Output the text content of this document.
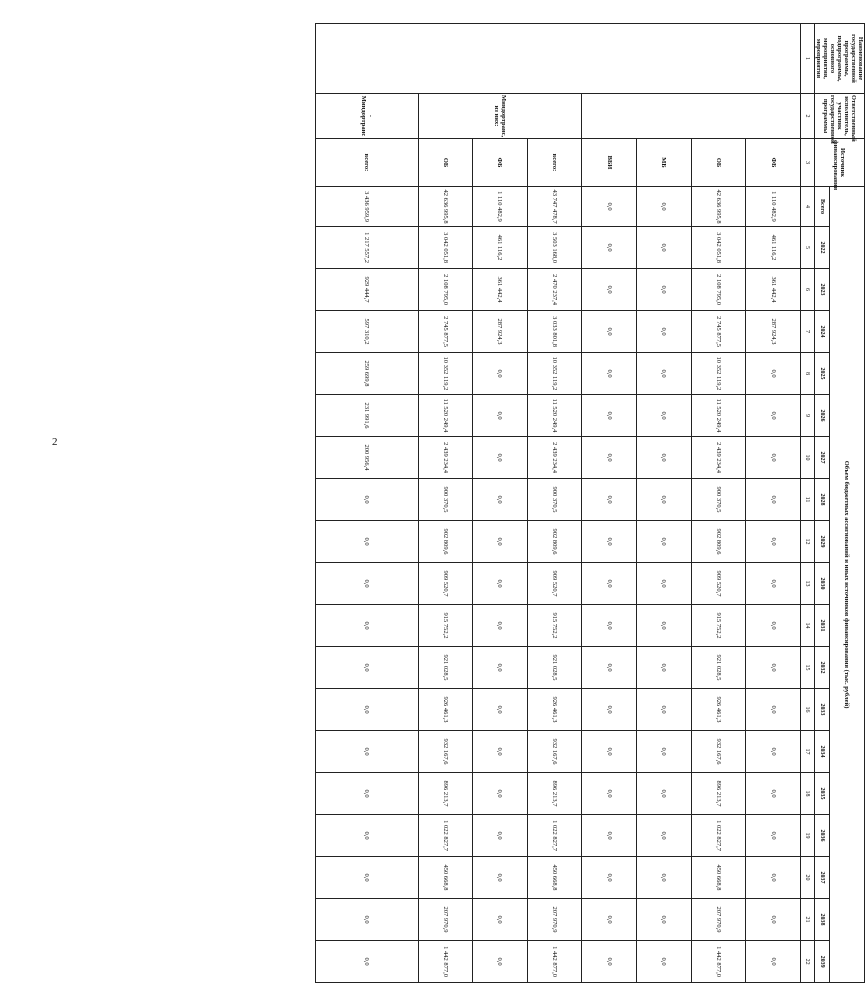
2
Наименование государственной программы, подпрограммы, основного мероприятия, мероприятия	Ответственный исполнитель, участник государственной программы	Источник финансирования	Объем бюджетных ассигнований и иных источников финансирования (тыс. рублей)																		
			Всего	2022	2023	2024	2025	2026	2027	2028	2029	2030	2031	2032	2033	2034	2035	2036	2037	2038	2039
1	2	3	4	5	6	7	8	9	10	11	12	13	14	15	16	17	18	19	20	21	22
		ФБ	1 110 482,9	461 116,2	361 442,4	287 924,3	0,0	0,0	0,0	0,0	0,0	0,0	0,0	0,0	0,0	0,0	0,0	0,0	0,0	0,0	0,0
		ОБ	42 636 995,8	3 042 051,8	2 108 795,0	2 745 877,5	10 352 119,2	11 520 249,4	2 439 234,4	900 370,5	902 809,6	909 520,7	915 752,2	921 028,5	926 461,3	932 167,6	896 213,7	1 022 827,7	450 668,8	207 970,9	1 442 877,0
		МБ	0,0	0,0	0,0	0,0	0,0	0,0	0,0	0,0	0,0	0,0	0,0	0,0	0,0	0,0	0,0	0,0	0,0	0,0	0,0
		ВБИ	0,0	0,0	0,0	0,0	0,0	0,0	0,0	0,0	0,0	0,0	0,0	0,0	0,0	0,0	0,0	0,0	0,0	0,0	0,0
	Миндортранс, из них:	всего:	43 747 478,7	3 503 168,0	2 470 237,4	3 033 801,8	10 352 119,2	11 520 249,4	2 439 234,4	900 370,5	902 809,6	909 520,7	915 752,2	921 028,5	926 461,3	932 167,6	896 213,7	1 022 827,7	450 668,8	207 970,9	1 442 877,0
		ФБ	1 110 482,9	461 116,2	361 442,4	287 924,3	0,0	0,0	0,0	0,0	0,0	0,0	0,0	0,0	0,0	0,0	0,0	0,0	0,0	0,0	0,0
		ОБ	42 636 995,8	3 042 051,8	2 108 795,0	2 745 877,5	10 352 119,2	11 520 249,4	2 439 234,4	900 370,5	902 809,6	909 520,7	915 752,2	921 028,5	926 461,3	932 167,6	896 213,7	1 022 827,7	450 668,8	207 970,9	1 442 877,0
	- Миндортранс	всего:	3 436 959,9	1 217 557,2	929 444,7	597 310,2	259 699,8	231 991,6	200 956,4	0,0	0,0	0,0	0,0	0,0	0,0	0,0	0,0	0,0	0,0	0,0	0,0
